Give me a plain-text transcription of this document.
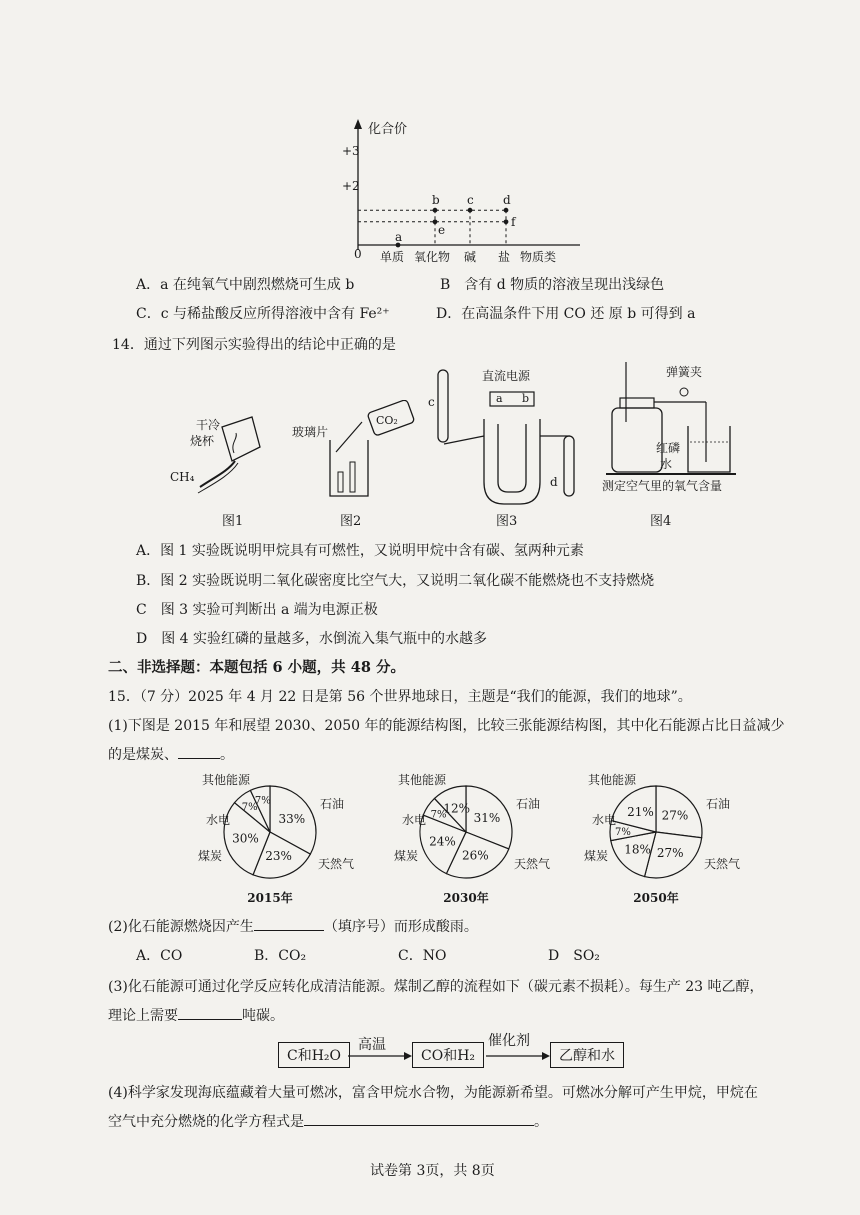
化合价
+3
+2
0
a
b c d
e
f
单质 氧化物 碱 盐 物质类
A．a 在纯氧气中剧烈燃烧可生成 b	B　含有 d 物质的溶液呈现出浅绿色
C．c 与稀盐酸反应所得溶液中含有 Fe²⁺	D．在高温条件下用 CO 还 原 b 可得到 a
14．通过下列图示实验得出的结论中正确的是
干冷
烧杯
CH₄
CO₂
玻璃片
直流电源
a b
c
d
弹簧夹
红磷
水
测定空气里的氧气含量
图1	图2	图3	图4
A．图 1 实验既说明甲烷具有可燃性，又说明甲烷中含有碳、氢两种元素
B．图 2 实验既说明二氧化碳密度比空气大，又说明二氧化碳不能燃烧也不支持燃烧
C　图 3 实验可判断出 a 端为电源正极
D　图 4 实验红磷的量越多，水倒流入集气瓶中的水越多
二、非选择题：本题包括 6 小题，共 48 分。
15．（7 分）2025 年 4 月 22 日是第 56 个世界地球日，主题是“我们的能源，我们的地球”。
(1)下图是 2015 年和展望 2030、2050 年的能源结构图，比较三张能源结构图，其中化石能源占比日益减少
的是煤炭、	。
33%
23%
30%
7%
7%	石油
天然气
煤炭
水电
其他能源
2015年
31%
26%
24%
7%
12%	石油
天然气
煤炭
水电
其他能源
2030年
27%
27%
18%
7%
21%
石油
天然气
煤炭
水电
其他能源
2050年
(2)化石能源燃烧因产生	（填序号）而形成酸雨。
A．CO	B．CO₂	C．NO	D　SO₂
(3)化石能源可通过化学反应转化成清洁能源。煤制乙醇的流程如下（碳元素不损耗）。每生产 23 吨乙醇，
理论上需要	吨碳。
C和H₂O
高温
CO和H₂
催化剂
乙醇和水
(4)科学家发现海底蕴藏着大量可燃冰，富含甲烷水合物，为能源新希望。可燃冰分解可产生甲烷，甲烷在
空气中充分燃烧的化学方程式是	。
试卷第 3页，共 8页
